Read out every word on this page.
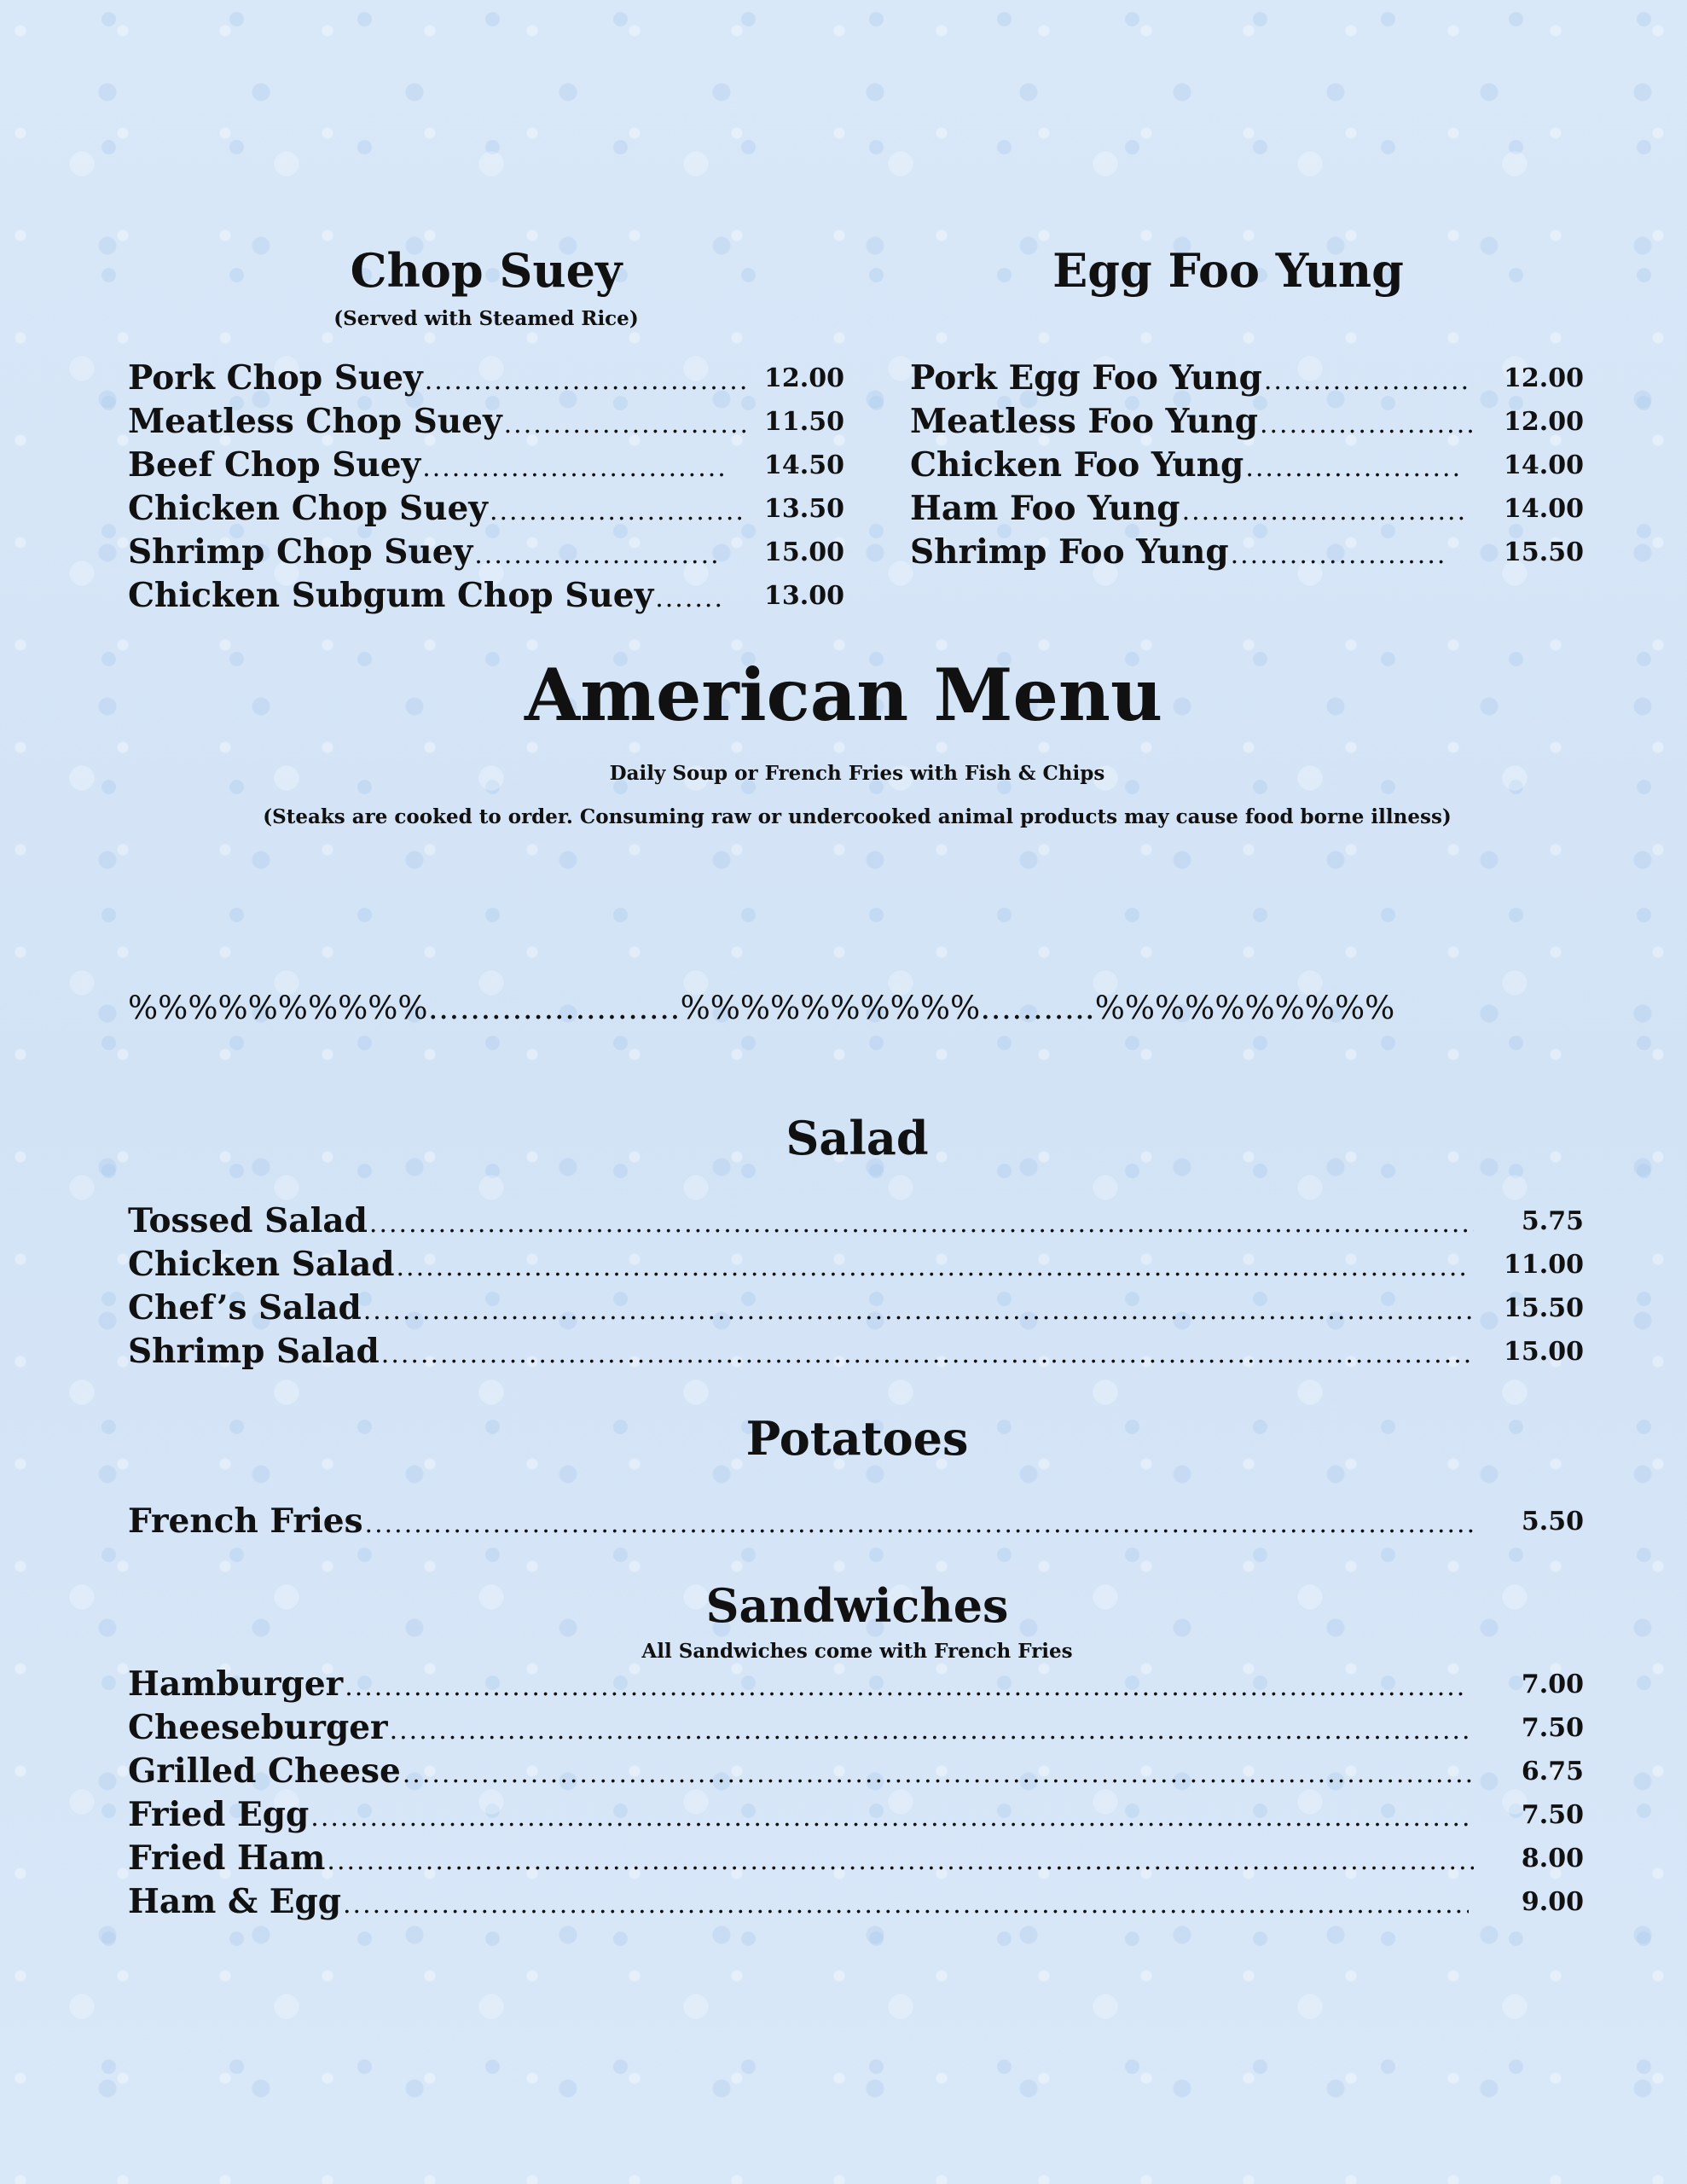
Chop Suey
(Served with Steamed Rice)
Pork Chop Suey .....	12.00
Meatless Chop Suey .....	11.50
Beef Chop Suey .....	14.50
Chicken Chop Suey .....	13.50
Shrimp Chop Suey .....	15.00
Chicken Subgum Chop Suey .....	13.00
Egg Foo Yung
Pork Egg Foo Yung .....	12.00
Meatless Foo Yung .....	12.00
Chicken Foo Yung .....	14.00
Ham Foo Yung .....	14.00
Shrimp Foo Yung .....	15.50
American Menu
Daily Soup or French Fries with Fish & Chips
(Steaks are cooked to order. Consuming raw or undercooked animal products may cause food borne illness)
%%%%%%%%%%……………………%%%%%%%%%%………..%%%%%%%%%%
Salad
Tossed Salad .....	5.75
Chicken Salad .....	11.00
Chef’s Salad .....	15.50
Shrimp Salad .....	15.00
Potatoes
French Fries .....	5.50
Sandwiches
All Sandwiches come with French Fries
Hamburger .....	7.00
Cheeseburger .....	7.50
Grilled Cheese .....	6.75
Fried Egg .....	7.50
Fried Ham .....	8.00
Ham & Egg .....	9.00
